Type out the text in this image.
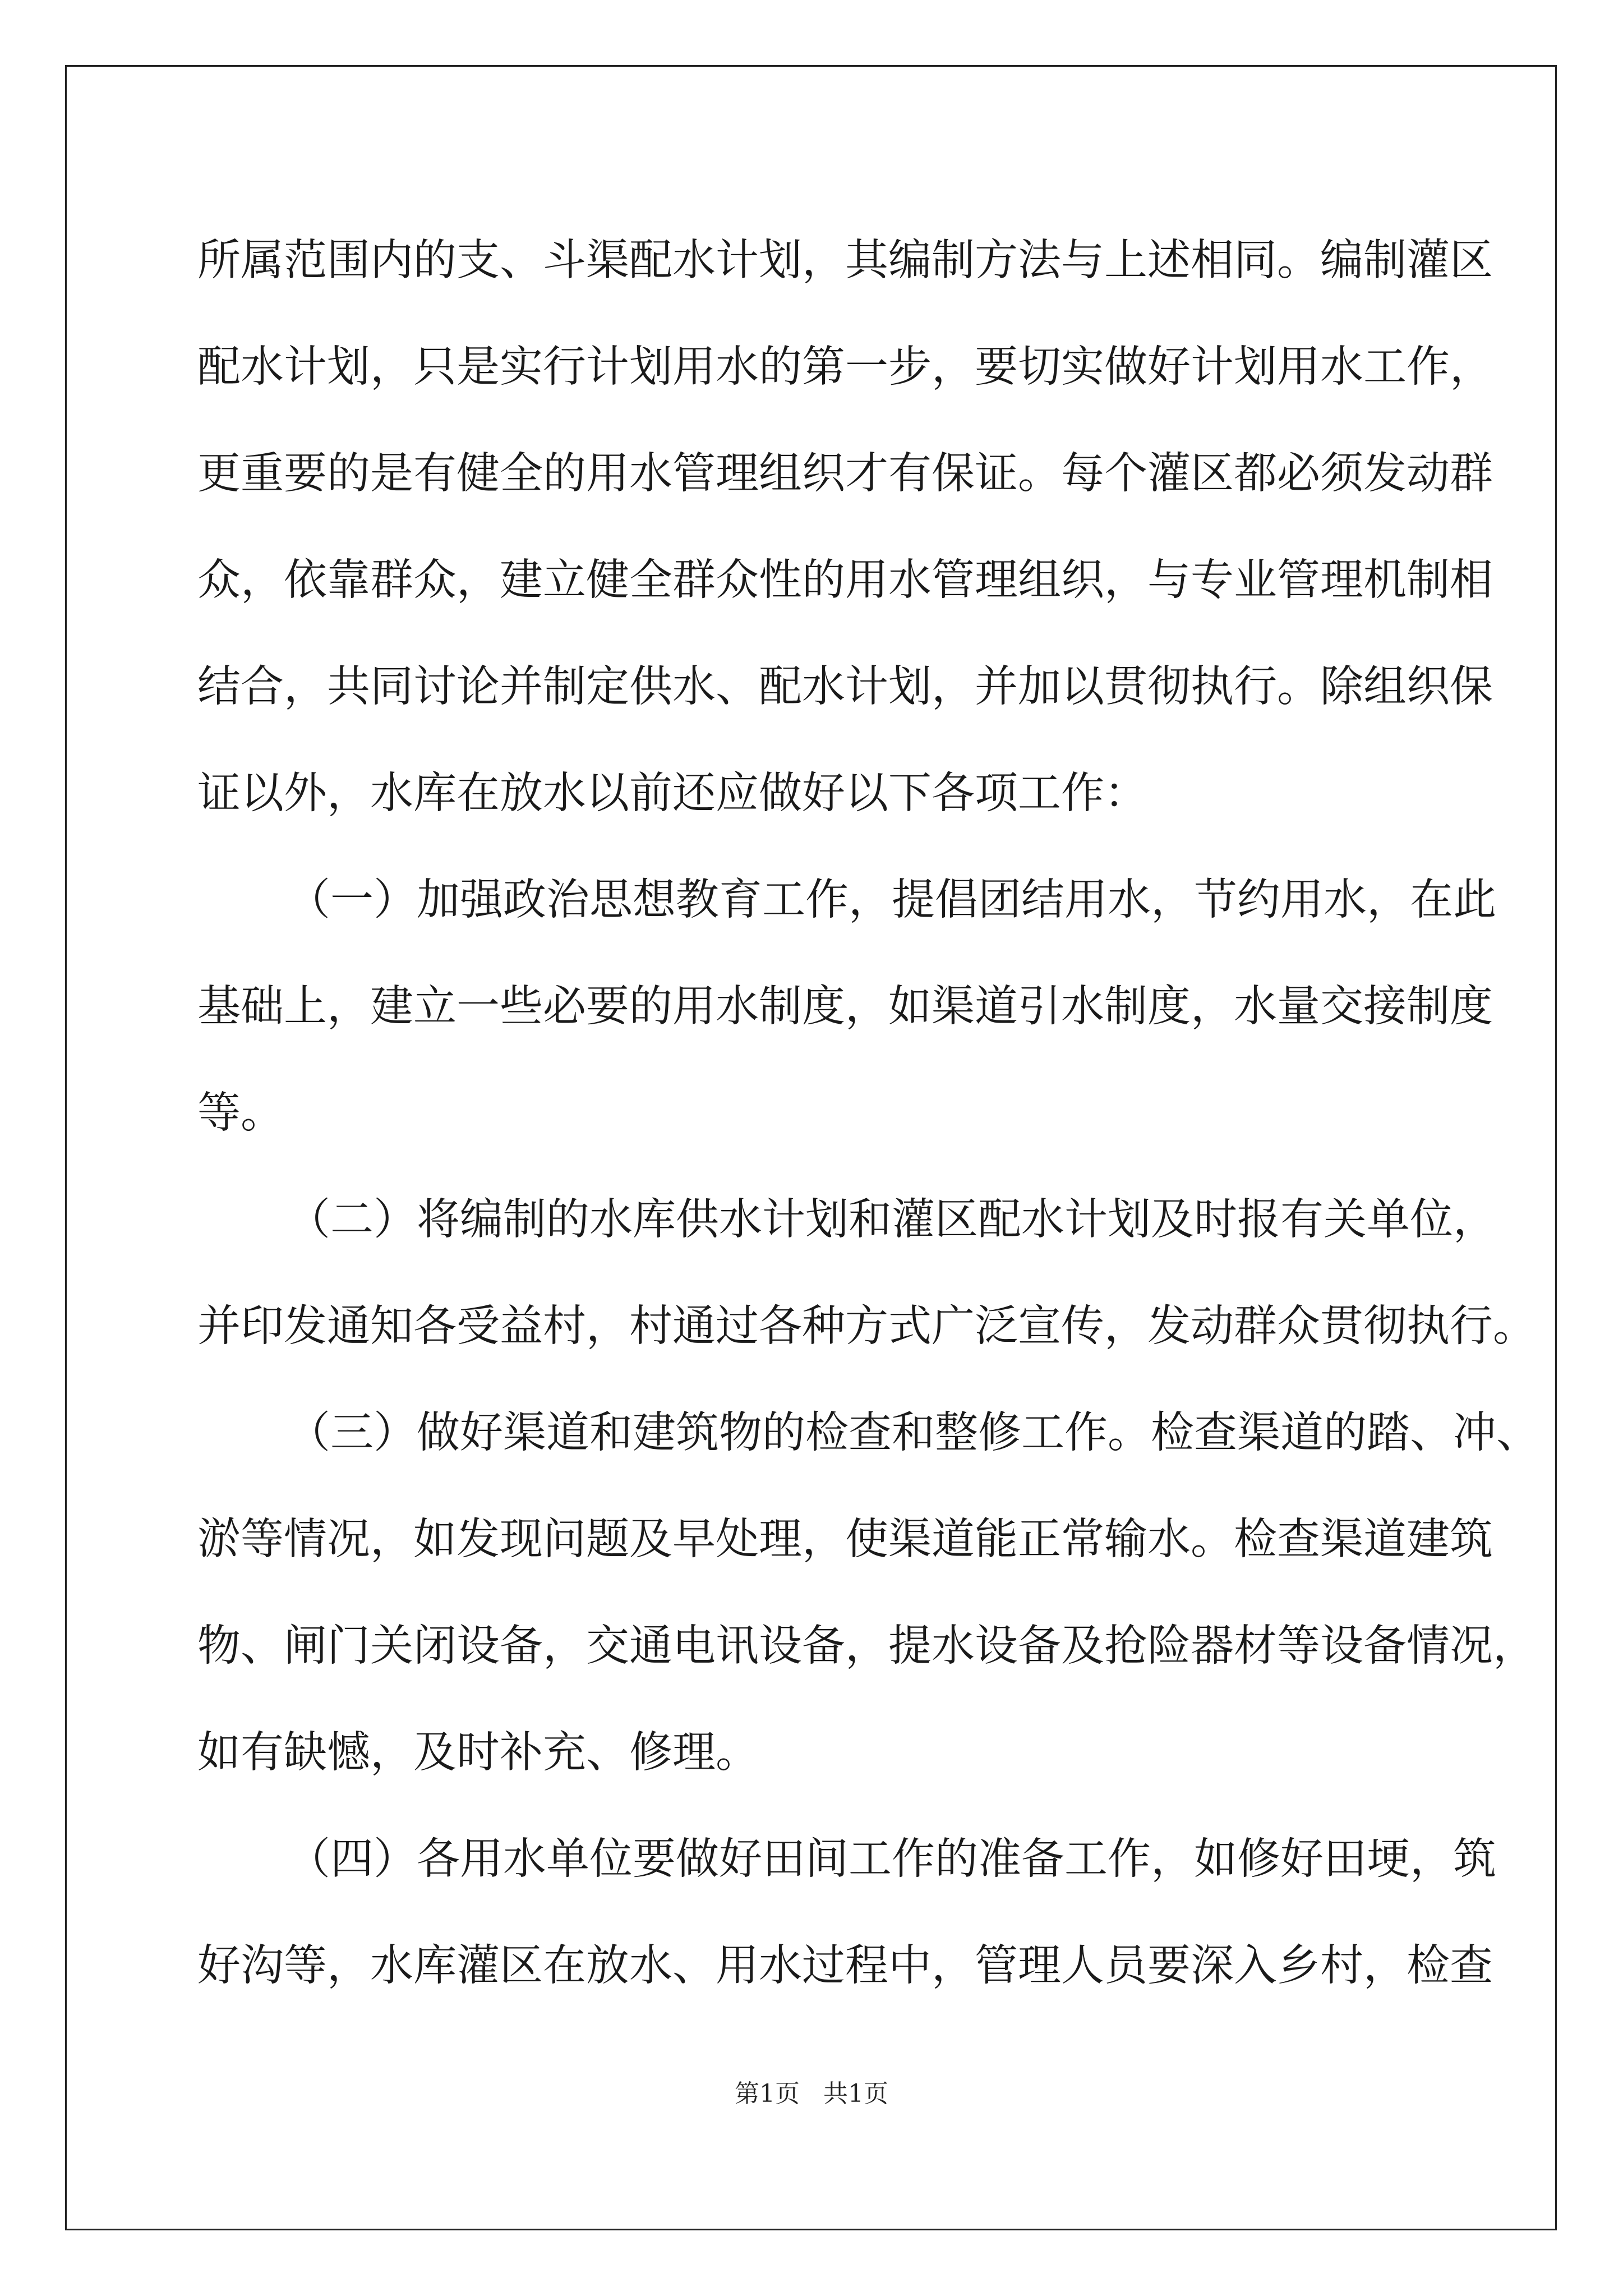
所属范围内的支、斗渠配水计划，其编制方法与上述相同。编制灌区
配水计划，只是实行计划用水的第一步，要切实做好计划用水工作，
更重要的是有健全的用水管理组织才有保证。每个灌区都必须发动群
众，依靠群众，建立健全群众性的用水管理组织，与专业管理机制相
结合，共同讨论并制定供水、配水计划，并加以贯彻执行。除组织保
证以外，水库在放水以前还应做好以下各项工作：
（一）加强政治思想教育工作，提倡团结用水，节约用水，在此
基础上，建立一些必要的用水制度，如渠道引水制度，水量交接制度
等。
（二）将编制的水库供水计划和灌区配水计划及时报有关单位，
并印发通知各受益村，村通过各种方式广泛宣传，发动群众贯彻执行。
（三）做好渠道和建筑物的检查和整修工作。检查渠道的踏、冲、
淤等情况，如发现问题及早处理，使渠道能正常输水。检查渠道建筑
物、闸门关闭设备，交通电讯设备，提水设备及抢险器材等设备情况，
如有缺憾，及时补充、修理。
（四）各用水单位要做好田间工作的准备工作，如修好田埂，筑
好沟等，水库灌区在放水、用水过程中，管理人员要深入乡村，检查
第1页   共1页
